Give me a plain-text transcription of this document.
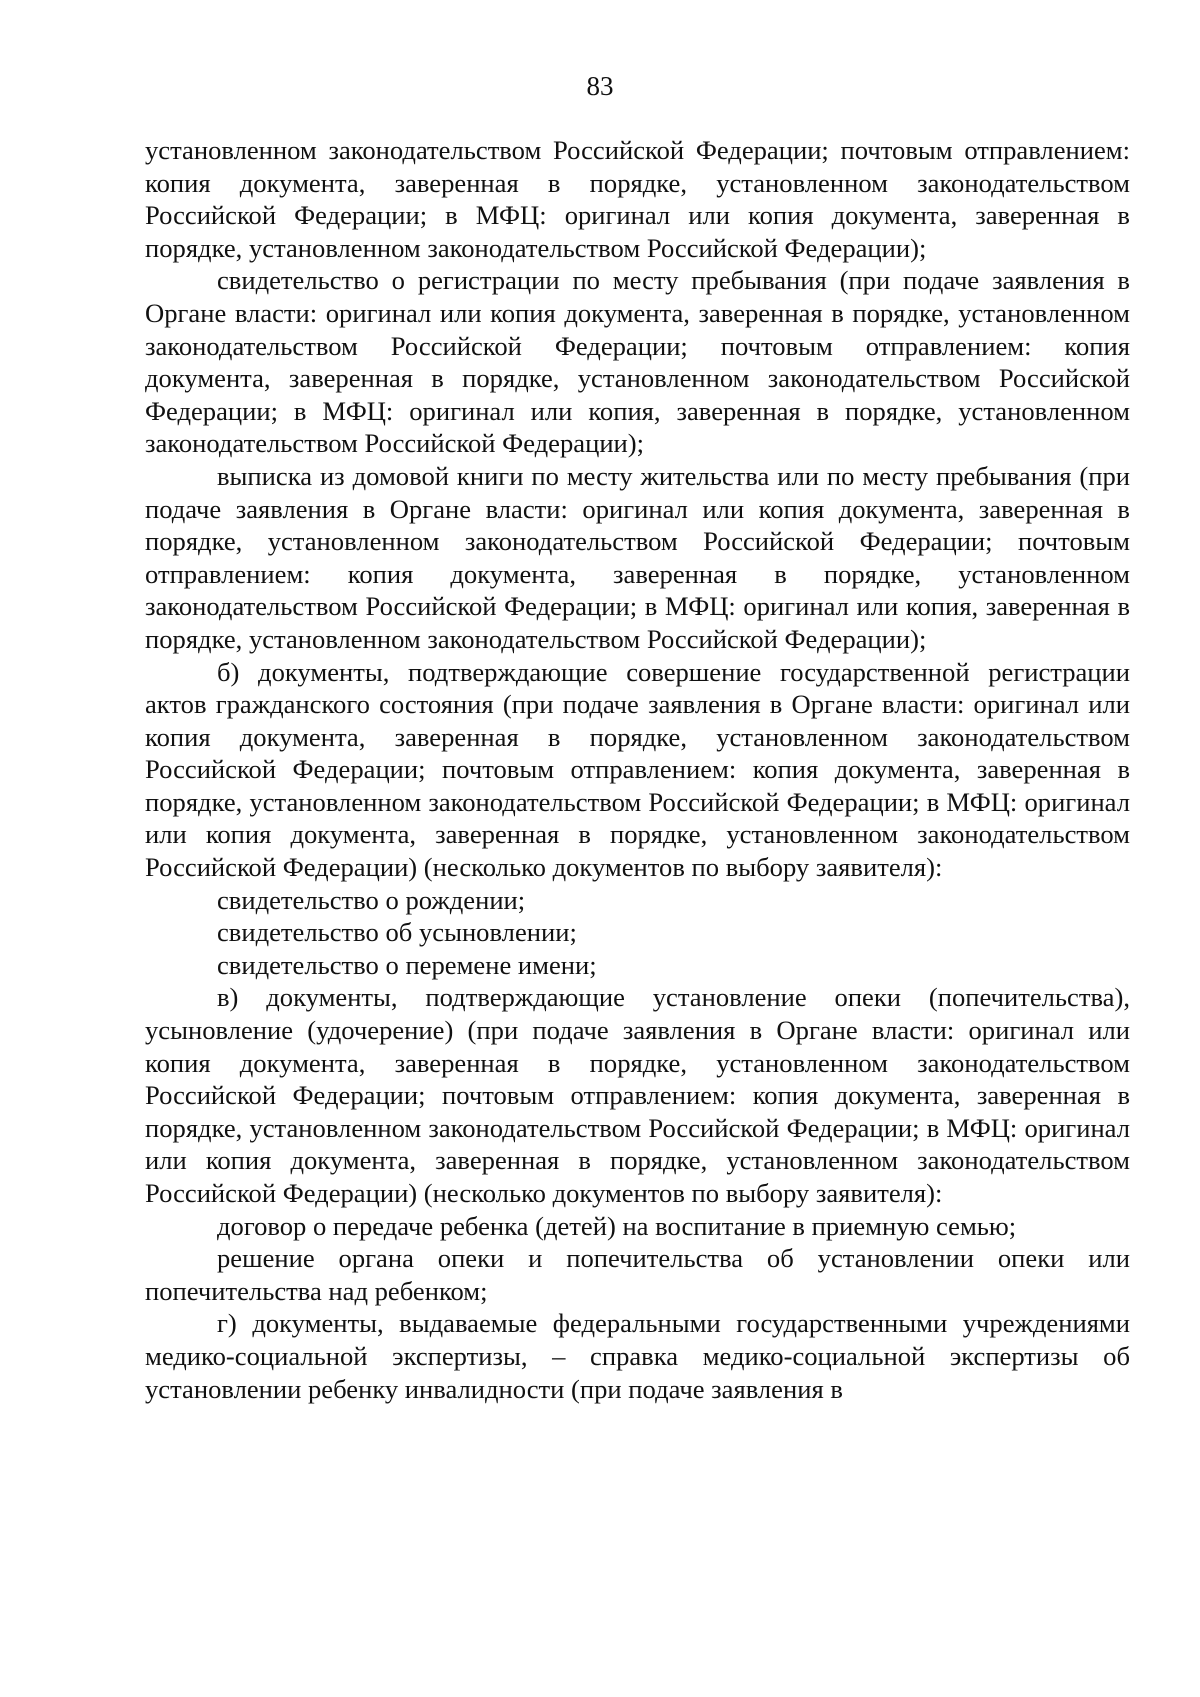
83

установленном законодательством Российской Федерации; почтовым отправлением: копия документа, заверенная в порядке, установленном законодательством Российской Федерации; в МФЦ: оригинал или копия документа, заверенная в порядке, установленном законодательством Российской Федерации);

свидетельство о регистрации по месту пребывания (при подаче заявления в Органе власти: оригинал или копия документа, заверенная в порядке, установленном законодательством Российской Федерации; почтовым отправлением: копия документа, заверенная в порядке, установленном законодательством Российской Федерации; в МФЦ: оригинал или копия, заверенная в порядке, установленном законодательством Российской Федерации);

выписка из домовой книги по месту жительства или по месту пребывания (при подаче заявления в Органе власти: оригинал или копия документа, заверенная в порядке, установленном законодательством Российской Федерации; почтовым отправлением: копия документа, заверенная в порядке, установленном законодательством Российской Федерации; в МФЦ: оригинал или копия, заверенная в порядке, установленном законодательством Российской Федерации);

б) документы, подтверждающие совершение государственной регистрации актов гражданского состояния (при подаче заявления в Органе власти: оригинал или копия документа, заверенная в порядке, установленном законодательством Российской Федерации; почтовым отправлением: копия документа, заверенная в порядке, установленном законодательством Российской Федерации; в МФЦ: оригинал или копия документа, заверенная в порядке, установленном законодательством Российской Федерации) (несколько документов по выбору заявителя):

свидетельство о рождении;

свидетельство об усыновлении;

свидетельство о перемене имени;

в) документы, подтверждающие установление опеки (попечительства), усыновление (удочерение) (при подаче заявления в Органе власти: оригинал или копия документа, заверенная в порядке, установленном законодательством Российской Федерации; почтовым отправлением: копия документа, заверенная в порядке, установленном законодательством Российской Федерации; в МФЦ: оригинал или копия документа, заверенная в порядке, установленном законодательством Российской Федерации) (несколько документов по выбору заявителя):

договор о передаче ребенка (детей) на воспитание в приемную семью;

решение органа опеки и попечительства об установлении опеки или попечительства над ребенком;

г) документы, выдаваемые федеральными государственными учреждениями медико-социальной экспертизы, – справка медико-социальной экспертизы об установлении ребенку инвалидности (при подаче заявления в
